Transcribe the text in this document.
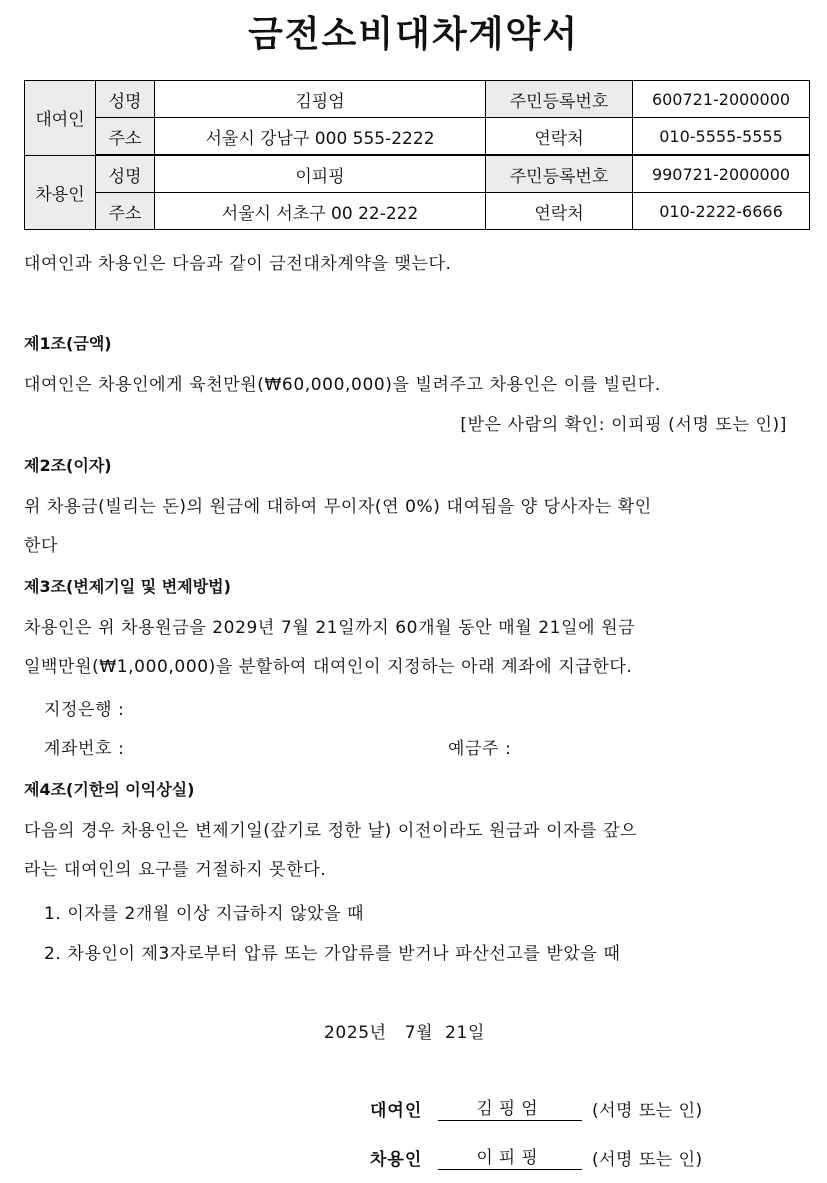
금전소비대차계약서
대여인	성명	김핑엄	주민등록번호	600721-2000000
	주소	서울시 강남구 000 555-2222	연락처	010-5555-5555
차용인	성명	이피핑	주민등록번호	990721-2000000
	주소	서울시 서초구 00 22-222	연락처	010-2222-6666

대여인과 차용인은 다음과 같이 금전대차계약을 맺는다.

제1조(금액)

대여인은 차용인에게 육천만원(₩60,000,000)을 빌려주고 차용인은 이를 빌린다.

[받은 사람의 확인: 이피핑 (서명 또는 인)]

제2조(이자)

위 차용금(빌리는 돈)의 원금에 대하여 무이자(연 0%) 대여됨을 양 당사자는 확인

한다

제3조(변제기일 및 변제방법)

차용인은 위 차용원금을 2029년 7월 21일까지 60개월 동안 매월 21일에 원금

일백만원(₩1,000,000)을 분할하여 대여인이 지정하는 아래 계좌에 지급한다.

지정은행 :

계좌번호 :	예금주 :

제4조(기한의 이익상실)

다음의 경우 차용인은 변제기일(갚기로 정한 날) 이전이라도 원금과 이자를 갚으

라는 대여인의 요구를 거절하지 못한다.

1. 이자를 2개월 이상 지급하지 않았을 때

2. 차용인이 제3자로부터 압류 또는 가압류를 받거나 파산선고를 받았을 때

2025년   7월  21일

대여인	김핑엄	(서명 또는 인)
차용인	이피핑	(서명 또는 인)
